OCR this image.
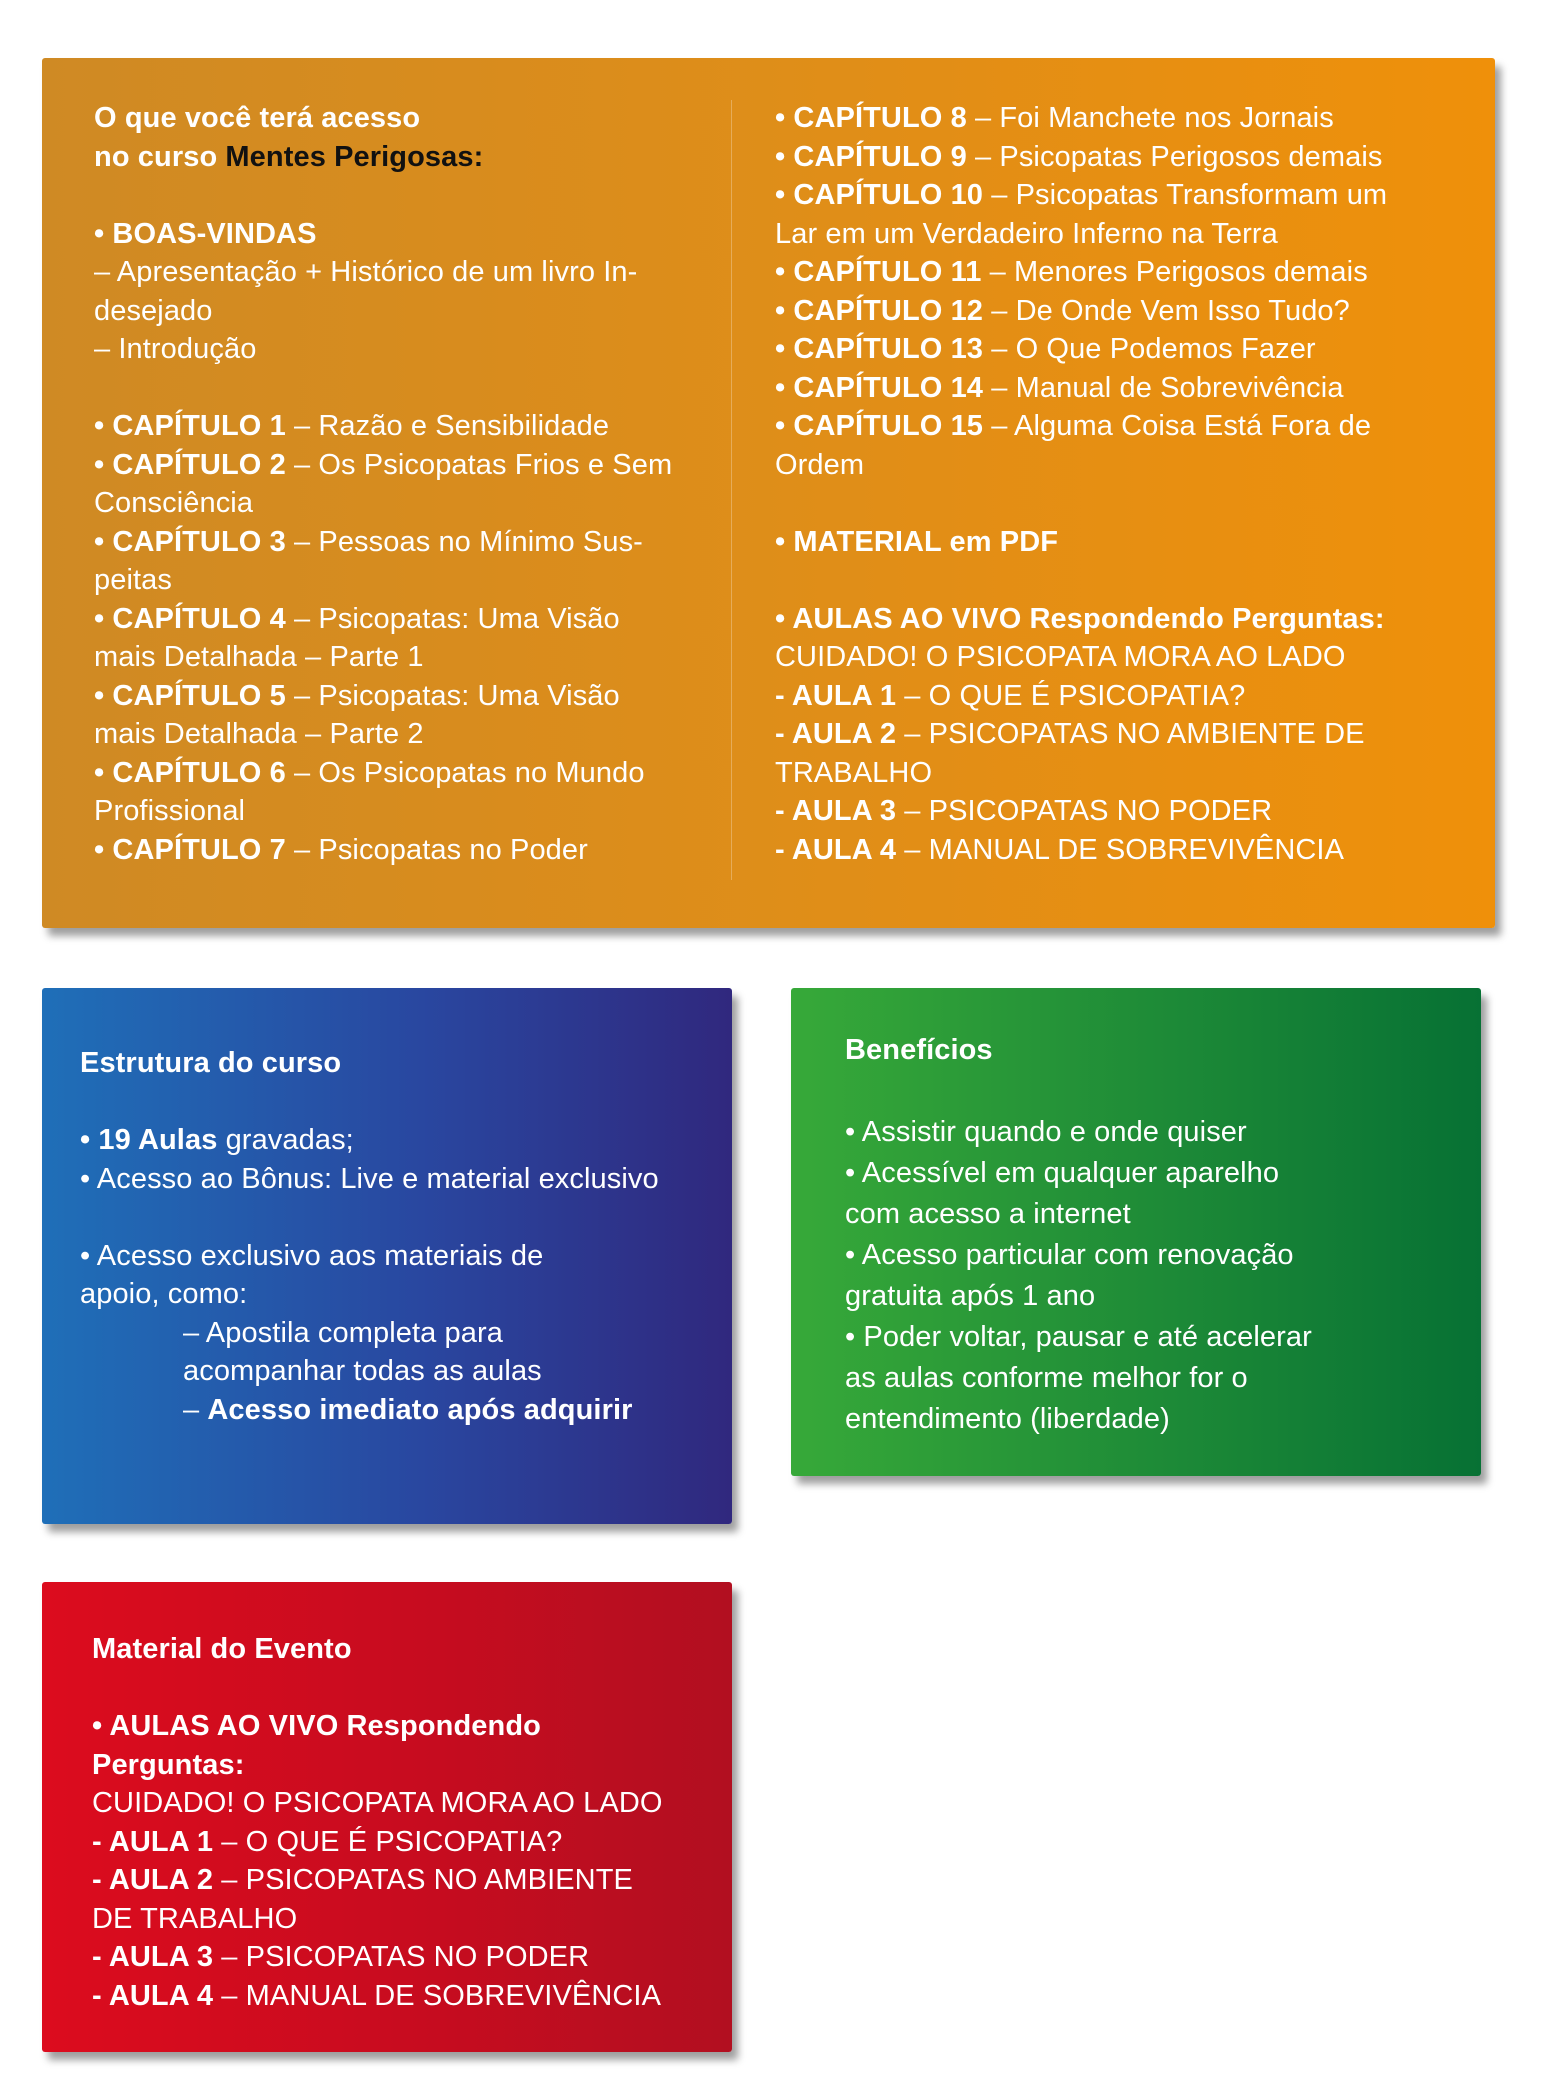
O que você terá acesso
no curso Mentes Perigosas:
• BOAS-VINDAS
– Apresentação + Histórico de um livro In-
desejado
– Introdução
• CAPÍTULO 1 – Razão e Sensibilidade
• CAPÍTULO 2 – Os Psicopatas Frios e Sem
Consciência
• CAPÍTULO 3 – Pessoas no Mínimo Sus-
peitas
• CAPÍTULO 4 – Psicopatas: Uma Visão
mais Detalhada – Parte 1
• CAPÍTULO 5 – Psicopatas: Uma Visão
mais Detalhada – Parte 2
• CAPÍTULO 6 – Os Psicopatas no Mundo
Profissional
• CAPÍTULO 7 – Psicopatas no Poder
• CAPÍTULO 8 – Foi Manchete nos Jornais
• CAPÍTULO 9 – Psicopatas Perigosos demais
• CAPÍTULO 10 – Psicopatas Transformam um
Lar em um Verdadeiro Inferno na Terra
• CAPÍTULO 11 – Menores Perigosos demais
• CAPÍTULO 12 – De Onde Vem Isso Tudo?
• CAPÍTULO 13 – O Que Podemos Fazer
• CAPÍTULO 14 – Manual de Sobrevivência
• CAPÍTULO 15 – Alguma Coisa Está Fora de
Ordem
• MATERIAL em PDF
• AULAS AO VIVO Respondendo Perguntas:
CUIDADO! O PSICOPATA MORA AO LADO
- AULA 1 – O QUE É PSICOPATIA?
- AULA 2 – PSICOPATAS NO AMBIENTE DE
TRABALHO
- AULA 3 – PSICOPATAS NO PODER
- AULA 4 – MANUAL DE SOBREVIVÊNCIA
Estrutura do curso
• 19 Aulas gravadas;
• Acesso ao Bônus: Live e material exclusivo
• Acesso exclusivo aos materiais de
apoio, como:
– Apostila completa para
acompanhar todas as aulas
– Acesso imediato após adquirir
Benefícios
• Assistir quando e onde quiser
• Acessível em qualquer aparelho
com acesso a internet
• Acesso particular com renovação
gratuita após 1 ano
• Poder voltar, pausar e até acelerar
as aulas conforme melhor for o
entendimento (liberdade)
Material do Evento
• AULAS AO VIVO Respondendo
Perguntas:
CUIDADO! O PSICOPATA MORA AO LADO
- AULA 1 – O QUE É PSICOPATIA?
- AULA 2 – PSICOPATAS NO AMBIENTE
DE TRABALHO
- AULA 3 – PSICOPATAS NO PODER
- AULA 4 – MANUAL DE SOBREVIVÊNCIA
